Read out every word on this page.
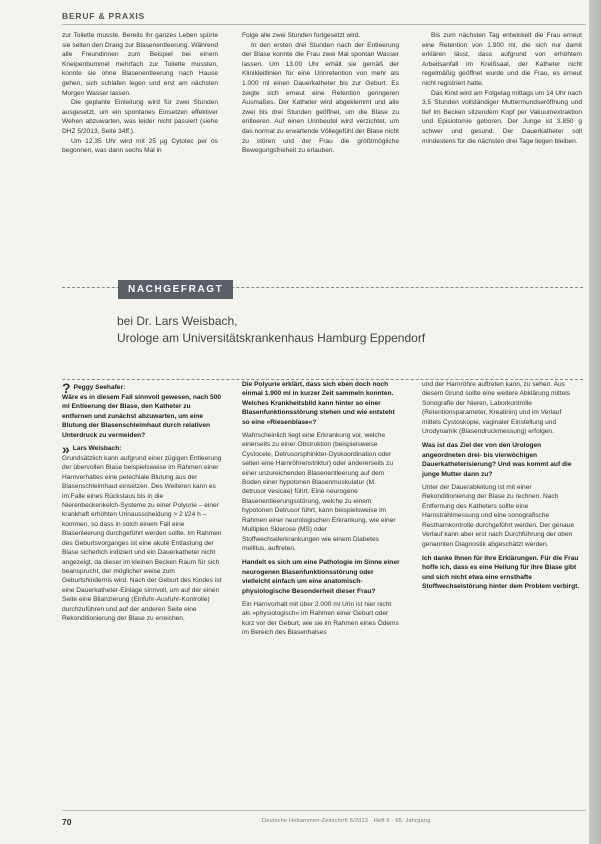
BERUF & PRAXIS

zur Toilette musste. Bereits ihr ganzes Leben spürte sie selten den Drang zur Blasenentleerung. Während alle Freundinnen zum Beispiel bei einem Kneipenbummel mehrfach zur Toilette mussten, konnte sie ohne Blasenentleerung nach Hause gehen, sich schlafen legen und erst am nächsten Morgen Wasser lassen.

Die geplante Einleitung wird für zwei Stunden ausgesetzt, um ein spontanes Einsetzen effektiver Wehen abzuwarten, was leider nicht passiert (siehe DHZ 5/2013, Seite 34ff.).

Um 12.35 Uhr wird mit 25 µg Cytotec per os begonnen, was dann sechs Mal in

Folge alle zwei Stunden fortgesetzt wird.

In den ersten drei Stunden nach der Entleerung der Blase konnte die Frau zwei Mal spontan Wasser lassen. Um 13.00 Uhr erhält sie gemäß der Klinikleitlinien für eine Urinretention von mehr als 1.000 ml einen Dauerkatheter bis zur Geburt. Es zeigte sich erneut eine Retention geringeren Ausmaßes. Der Katheter wird abgeklemmt und alle zwei bis drei Stunden geöffnet, um die Blase zu entleeren. Auf einen Urinbeutel wird verzichtet, um das normal zu erwartende Völlegefühl der Blase nicht zu stören und der Frau die größtmögliche Bewegungsfreiheit zu erlauben.

Bis zum nächsten Tag entwickelt die Frau erneut eine Retention von 1.900 ml, die sich nur damit erklären lässt, dass aufgrund von erhöhtem Arbeitsanfall im Kreißsaal, der Katheter nicht regelmäßig geöffnet wurde und die Frau, es erneut nicht registriert hatte.

Das Kind wird am Folgetag mittags um 14 Uhr nach 3,5 Stunden vollständiger Muttermundseröffnung und tief im Becken sitzendem Kopf per Vakuumextraktion und Episiotomie geboren. Der Junge ist 3.850 g schwer und gesund. Der Dauerkatheter soll mindestens für die nächsten drei Tage liegen bleiben.

NACHGEFRAGT
bei Dr. Lars Weisbach,
Urologe am Universitätskrankenhaus Hamburg Eppendorf
? Peggy Seehafer:

Wäre es in diesem Fall sinnvoll gewesen, nach 500 ml Entleerung der Blase, den Katheter zu entfernen und zunächst abzuwarten, um eine Blutung der Blasenschleimhaut durch relativen Unterdruck zu vermeiden?

» Lars Weisbach:

Grundsätzlich kann aufgrund einer zügigen Entleerung der übervollen Blase beispielsweise im Rahmen einer Harnverhaltes eine petechiale Blutung aus der Blasenschleimhaut einsetzen. Des Weiteren kann es im Falle eines Rückstaus bis in die Nierenbeckenkelch-Systeme zu einer Polyurie – einer krankhaft erhöhten Urinausscheidung > 2 l/24 h – kommen, so dass in solch einem Fall eine Blasenleerung durchgeführt werden sollte. Im Rahmen des Geburtsvorganges ist eine akute Entlastung der Blase sicherlich indiziert und ein Dauerkatheter nicht angezeigt, da dieser im kleinen Becken Raum für sich beansprucht, der möglicher weise zum Geburtshindernis wird. Nach der Geburt des Kindes ist eine Dauerkatheter-Einlage sinnvoll, um auf der einen Seite eine Bilanzierung (Einfuhr-Ausfuhr-Kontrolle) durchzuführen und auf der anderen Seite eine Rekonditionierung der Blase zu erreichen.

Die Polyurie erklärt, dass sich eben doch noch einmal 1.900 ml in kurzer Zeit sammeln konnten. Welches Krankheitsbild kann hinter so einer Blasenfunktionsstörung stehen und wie entsteht so eine »Riesenblase«?

Wahrscheinlich liegt eine Erkrankung vor, welche einerseits zu einer Obstruktion (beispielsweise Cystocele, Detrusorsphinkter-Dyskoordination oder selten eine Harnröhrenstriktur) oder andererseits zu einer unzureichenden Blasenentleerung auf dem Boden einer hypotonen Blasenmuskulatur (M. detrusor vesicae) führt. Eine neurogene Blasenentleerungsstörung, welche zu einem hypotonen Detrusor führt, kann beispielsweise im Rahmen einer neurologischen Erkrankung, wie einer Multiplen Sklerose (MS) oder Stoffwechselerkrankungen wie einem Diabetes mellitus, auftreten.

Handelt es sich um eine Pathologie im Sinne einer neurogenen Blasenfunktionsstörung oder vielleicht einfach um eine anatomisch-physiologische Besonderheit dieser Frau?

Ein Harnvorhalt mit über 2.000 ml Urin ist hier nicht als »physiologisch« im Rahmen einer Geburt oder kurz vor der Geburt, wie sie im Rahmen eines Ödems im Bereich des Blasenhalses

und der Harnröhre auftreten kann, zu sehen. Aus diesem Grund sollte eine weitere Abklärung mittels Sonografie der Nieren, Laborkontrolle (Retentionsparameter, Kreatinin) und im Verlauf mittels Cystoskopie, vaginaler Einstellung und Urodynamik (Blasendruckmessung) erfolgen.

Was ist das Ziel der von den Urologen angeordneten drei- bis vierwöchigen Dauerkatheterisierung? Und was kommt auf die junge Mutter dann zu?

Unter der Dauerableitung ist mit einer Rekonditionierung der Blase zu rechnen. Nach Entfernung des Katheters sollte eine Harnstrahlmessung und eine sonografische Restharnkontrolle durchgeführt werden. Der genaue Verlauf kann aber erst nach Durchführung der oben genannten Diagnostik abgeschätzt werden.

Ich danke Ihnen für Ihre Erklärungen. Für die Frau hoffe ich, dass es eine Heilung für ihre Blase gibt und sich nicht etwa eine ernsthafte Stoffwechselstörung hinter dem Problem verbirgt.

70	Deutsche Hebammen-Zeitschrift 6/2013 · Heft 6 · 65. Jahrgang
